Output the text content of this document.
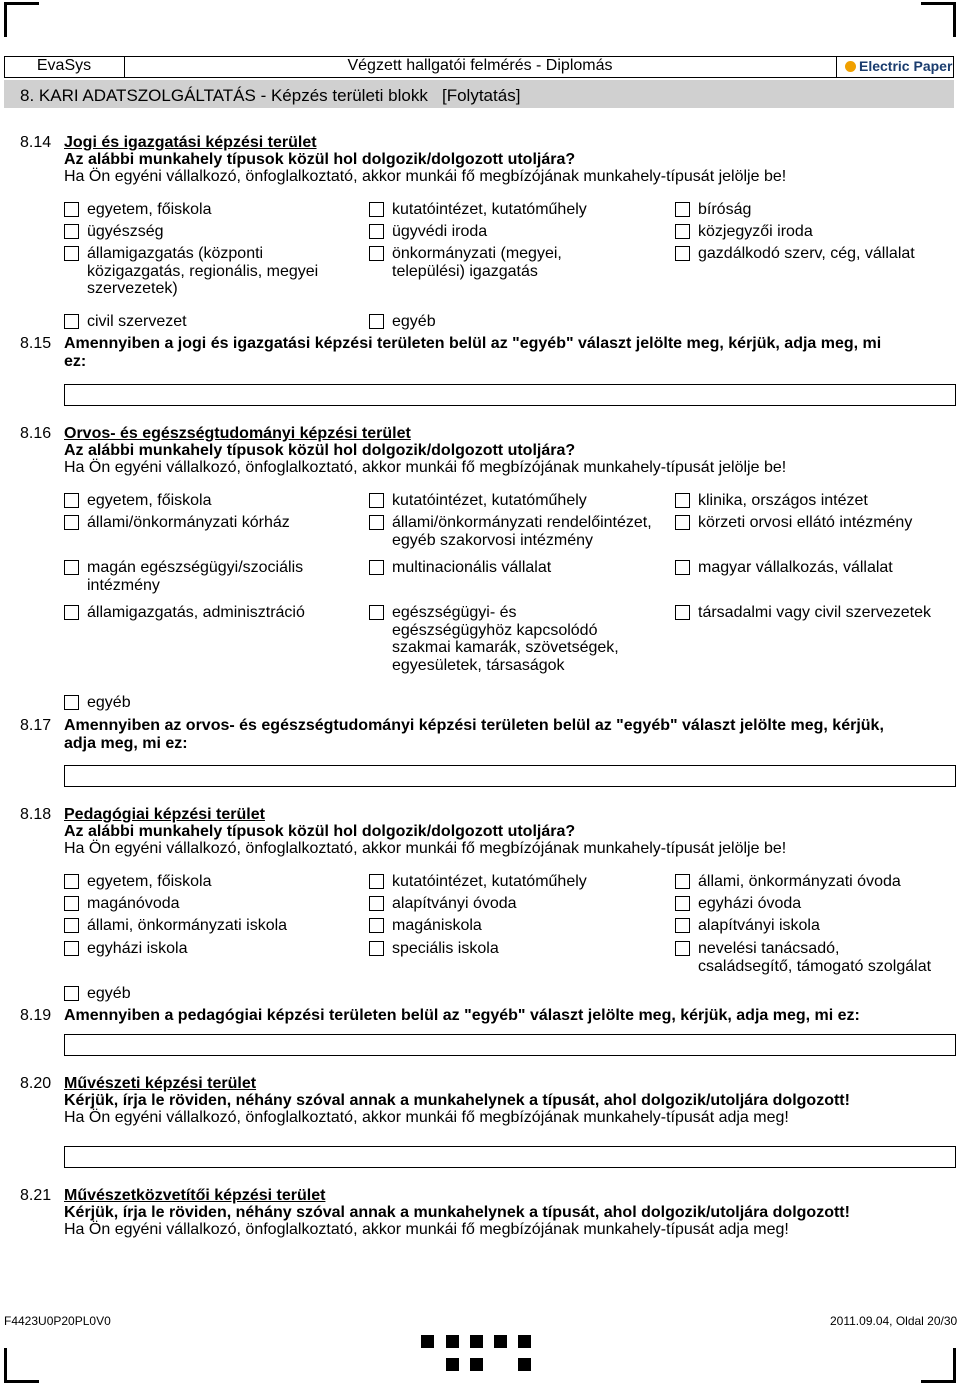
EvaSys	Végzett hallgatói felmérés - Diplomás	Electric Paper
8. KARI ADATSZOLGÁLTATÁS - Képzés területi blokk   [Folytatás]
8.14 Jogi és igazgatási képzési terület
Az alábbi munkahely típusok közül hol dolgozik/dolgozott utoljára?
Ha Ön egyéni vállalkozó, önfoglalkoztató, akkor munkái fő megbízójának munkahely-típusát jelölje be!
egyetem, főiskola	kutatóintézet, kutatóműhely	bíróság
ügyészség	ügyvédi iroda	közjegyzői iroda
államigazgatás (központi
közigazgatás, regionális, megyei
szervezetek)
önkormányzati (megyei,
települési) igazgatás
gazdálkodó szerv, cég, vállalat
civil szervezet	egyéb
8.15 Amennyiben a jogi és igazgatási képzési területen belül az "egyéb" választ jelölte meg, kérjük, adja meg, mi
ez:
8.16 Orvos- és egészségtudományi képzési terület
Az alábbi munkahely típusok közül hol dolgozik/dolgozott utoljára?
Ha Ön egyéni vállalkozó, önfoglalkoztató, akkor munkái fő megbízójának munkahely-típusát jelölje be!
egyetem, főiskola	kutatóintézet, kutatóműhely	klinika, országos intézet
állami/önkormányzati kórház	állami/önkormányzati rendelőintézet,
egyéb szakorvosi intézmény
körzeti orvosi ellátó intézmény
magán egészségügyi/szociális
intézmény
multinacionális vállalat	magyar vállalkozás, vállalat
államigazgatás, adminisztráció	egészségügyi- és
egészségügyhöz kapcsolódó
szakmai kamarák, szövetségek,
egyesületek, társaságok
társadalmi vagy civil szervezetek
egyéb
8.17 Amennyiben az orvos- és egészségtudományi képzési területen belül az "egyéb" választ jelölte meg, kérjük,
adja meg, mi ez:
8.18 Pedagógiai képzési terület
Az alábbi munkahely típusok közül hol dolgozik/dolgozott utoljára?
Ha Ön egyéni vállalkozó, önfoglalkoztató, akkor munkái fő megbízójának munkahely-típusát jelölje be!
egyetem, főiskola	kutatóintézet, kutatóműhely	állami, önkormányzati óvoda
magánóvoda	alapítványi óvoda	egyházi óvoda
állami, önkormányzati iskola	magániskola	alapítványi iskola
egyházi iskola	speciális iskola	nevelési tanácsadó,
családsegítő, támogató szolgálat
egyéb
8.19 Amennyiben a pedagógiai képzési területen belül az "egyéb" választ jelölte meg, kérjük, adja meg, mi ez:
8.20 Művészeti képzési terület
Kérjük, írja le röviden, néhány szóval annak a munkahelynek a típusát, ahol dolgozik/utoljára dolgozott!
Ha Ön egyéni vállalkozó, önfoglalkoztató, akkor munkái fő megbízójának munkahely-típusát adja meg!
8.21 Művészetközvetítői képzési terület
Kérjük, írja le röviden, néhány szóval annak a munkahelynek a típusát, ahol dolgozik/utoljára dolgozott!
Ha Ön egyéni vállalkozó, önfoglalkoztató, akkor munkái fő megbízójának munkahely-típusát adja meg!
F4423U0P20PL0V0	2011.09.04, Oldal 20/30
